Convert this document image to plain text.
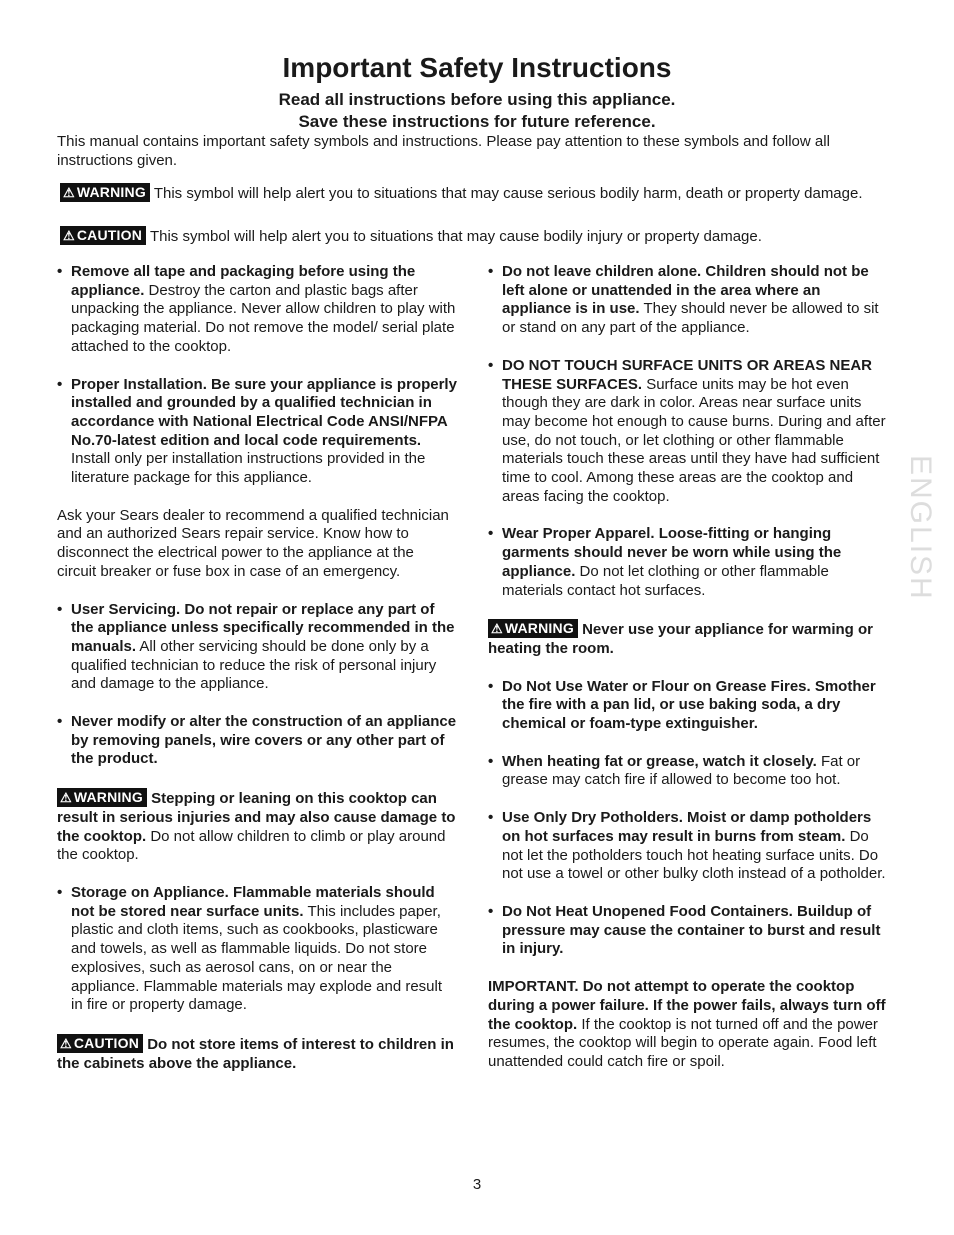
Important Safety Instructions
Read all instructions before using this appliance.
Save these instructions for future reference.
This manual contains important safety symbols and instructions. Please pay attention to these symbols and follow all instructions given.
⚠ WARNING This symbol will help alert you to situations that may cause serious bodily harm, death or property damage.
⚠ CAUTION This symbol will help alert you to situations that may cause bodily injury or property damage.
• Remove all tape and packaging before using the appliance. Destroy the carton and plastic bags after unpacking the appliance. Never allow children to play with packaging material. Do not remove the model/ serial plate attached to the cooktop.
• Proper Installation. Be sure your appliance is properly installed and grounded by a qualified technician in accordance with National Electrical Code ANSI/NFPA No.70-latest edition and local code requirements. Install only per installation instructions provided in the literature package for this appliance.
Ask your Sears dealer to recommend a qualified technician and an authorized Sears repair service. Know how to disconnect the electrical power to the appliance at the circuit breaker or fuse box in case of an emergency.
• User Servicing. Do not repair or replace any part of the appliance unless specifically recommended in the manuals. All other servicing should be done only by a qualified technician to reduce the risk of personal injury and damage to the appliance.
• Never modify or alter the construction of an appliance by removing panels, wire covers or any other part of the product.
⚠ WARNING Stepping or leaning on this cooktop can result in serious injuries and may also cause damage to the cooktop. Do not allow children to climb or play around the cooktop.
• Storage on Appliance. Flammable materials should not be stored near surface units. This includes paper, plastic and cloth items, such as cookbooks, plasticware and towels, as well as flammable liquids. Do not store explosives, such as aerosol cans, on or near the appliance. Flammable materials may explode and result in fire or property damage.
⚠ CAUTION Do not store items of interest to children in the cabinets above the appliance.
• Do not leave children alone. Children should not be left alone or unattended in the area where an appliance is in use. They should never be allowed to sit or stand on any part of the appliance.
• DO NOT TOUCH SURFACE UNITS OR AREAS NEAR THESE SURFACES. Surface units may be hot even though they are dark in color. Areas near surface units may become hot enough to cause burns. During and after use, do not touch, or let clothing or other flammable materials touch these areas until they have had sufficient time to cool. Among these areas are the cooktop and areas facing the cooktop.
• Wear Proper Apparel. Loose-fitting or hanging garments should never be worn while using the appliance. Do not let clothing or other flammable materials contact hot surfaces.
⚠ WARNING Never use your appliance for warming or heating the room.
• Do Not Use Water or Flour on Grease Fires. Smother the fire with a pan lid, or use baking soda, a dry chemical or foam-type extinguisher.
• When heating fat or grease, watch it closely. Fat or grease may catch fire if allowed to become too hot.
• Use Only Dry Potholders. Moist or damp potholders on hot surfaces may result in burns from steam. Do not let the potholders touch hot heating surface units. Do not use a towel or other bulky cloth instead of a potholder.
• Do Not Heat Unopened Food Containers. Buildup of pressure may cause the container to burst and result in injury.
IMPORTANT. Do not attempt to operate the cooktop during a power failure. If the power fails, always turn off the cooktop. If the cooktop is not turned off and the power resumes, the cooktop will begin to operate again. Food left unattended could catch fire or spoil.
ENGLISH
3
